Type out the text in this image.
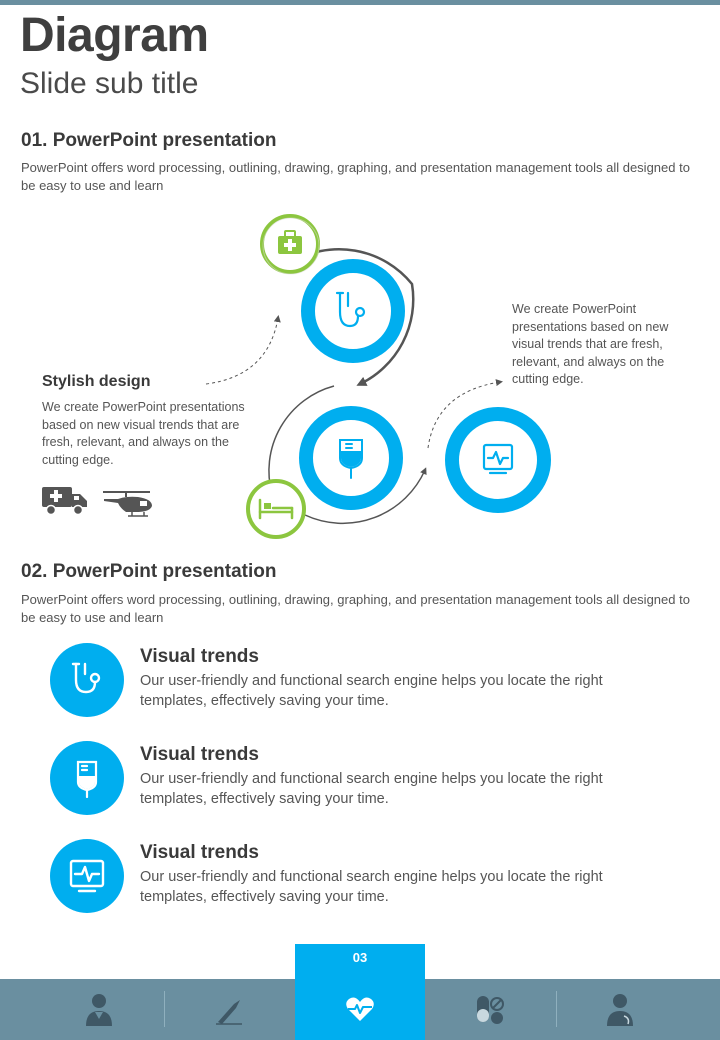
Diagram
Slide sub title
01. PowerPoint presentation
PowerPoint offers word processing, outlining, drawing, graphing, and presentation management tools all designed to be easy to use and learn
Stylish design
We create PowerPoint presentations based on new visual trends that are fresh, relevant, and always on the cutting edge.
We create PowerPoint presentations based on new visual trends that are fresh, relevant, and always on the cutting edge.
02. PowerPoint presentation
PowerPoint offers word processing, outlining, drawing, graphing, and presentation management tools all designed to be easy to use and learn
Visual trends
Our user-friendly and functional search engine helps you locate the right templates, effectively saving your time.
Visual trends
Our user-friendly and functional search engine helps you locate the right templates, effectively saving your time.
Visual trends
Our user-friendly and functional search engine helps you locate the right templates, effectively saving your time.
03
